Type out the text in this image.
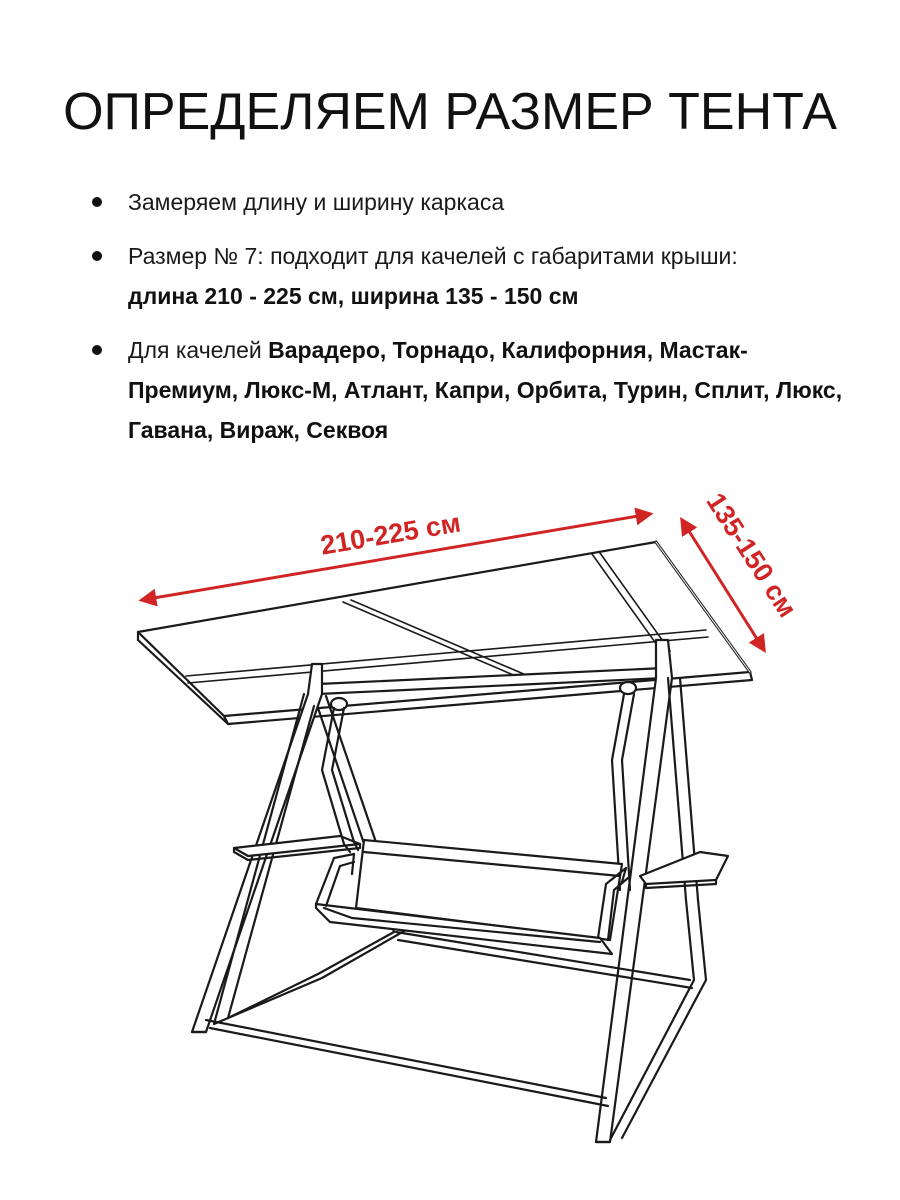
ОПРЕДЕЛЯЕМ РАЗМЕР ТЕНТА
Замеряем длину и ширину каркаса
Размер № 7: подходит для качелей с габаритами крыши:
длина 210 - 225 см, ширина 135 - 150 см
Для качелей Варадеро, Торнадо, Калифорния, Мастак-Премиум, Люкс-М, Атлант, Капри, Орбита, Турин, Сплит, Люкс, Гавана, Вираж, Секвоя
210-225 см	135-150 см
